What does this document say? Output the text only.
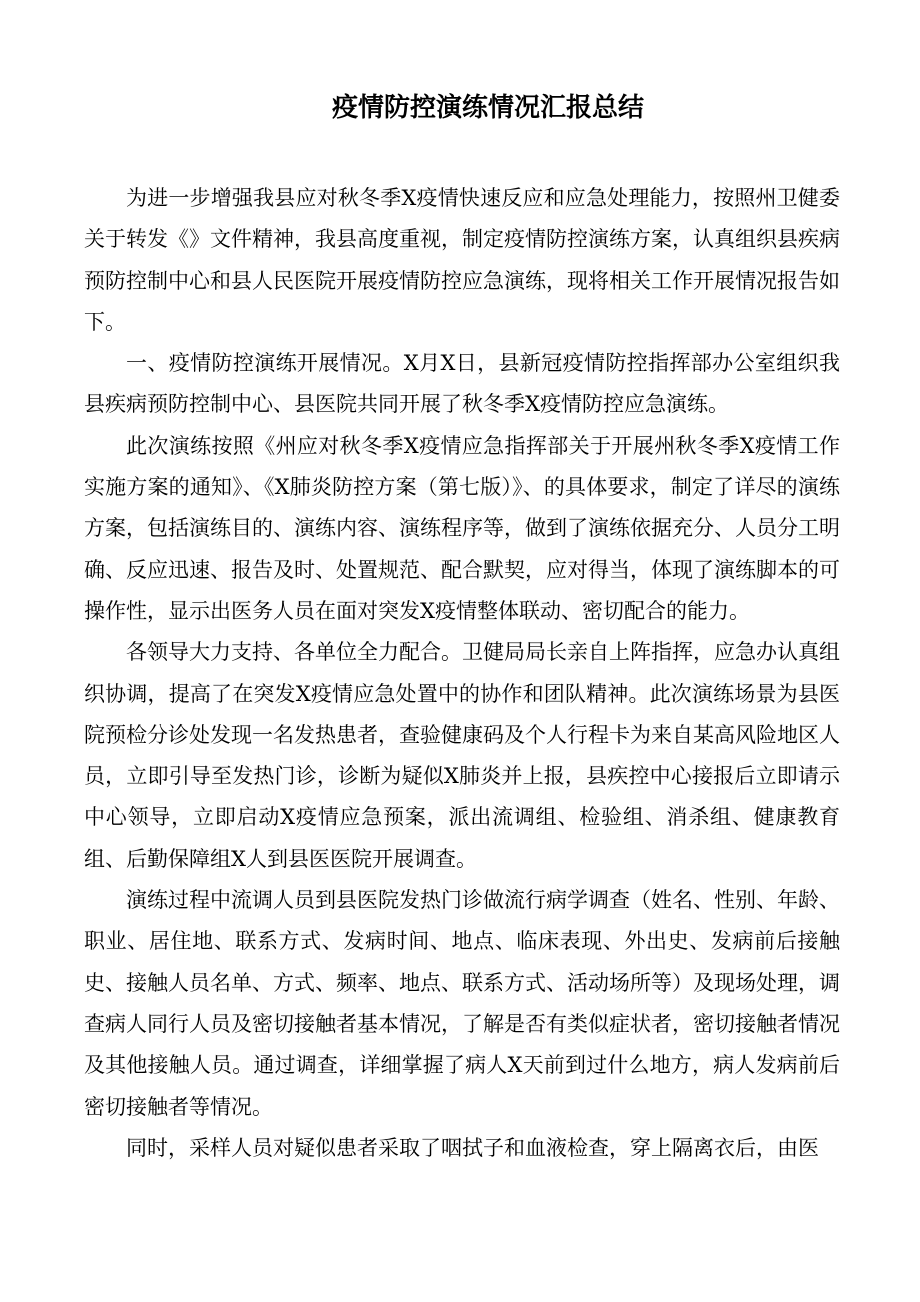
疫情防控演练情况汇报总结

为进一步增强我县应对秋冬季X疫情快速反应和应急处理能力，按照州卫健委关于转发《》文件精神，我县高度重视，制定疫情防控演练方案，认真组织县疾病预防控制中心和县人民医院开展疫情防控应急演练，现将相关工作开展情况报告如下。

一、疫情防控演练开展情况。X月X日，县新冠疫情防控指挥部办公室组织我县疾病预防控制中心、县医院共同开展了秋冬季X疫情防控应急演练。

此次演练按照《州应对秋冬季X疫情应急指挥部关于开展州秋冬季X疫情工作实施方案的通知》、《X肺炎防控方案（第七版）》、的具体要求，制定了详尽的演练方案，包括演练目的、演练内容、演练程序等，做到了演练依据充分、人员分工明确、反应迅速、报告及时、处置规范、配合默契，应对得当，体现了演练脚本的可操作性，显示出医务人员在面对突发X疫情整体联动、密切配合的能力。

各领导大力支持、各单位全力配合。卫健局局长亲自上阵指挥，应急办认真组织协调，提高了在突发X疫情应急处置中的协作和团队精神。此次演练场景为县医院预检分诊处发现一名发热患者，查验健康码及个人行程卡为来自某高风险地区人员，立即引导至发热门诊，诊断为疑似X肺炎并上报，县疾控中心接报后立即请示中心领导，立即启动X疫情应急预案，派出流调组、检验组、消杀组、健康教育组、后勤保障组X人到县医医院开展调查。

演练过程中流调人员到县医院发热门诊做流行病学调查（姓名、性别、年龄、职业、居住地、联系方式、发病时间、地点、临床表现、外出史、发病前后接触史、接触人员名单、方式、频率、地点、联系方式、活动场所等）及现场处理，调查病人同行人员及密切接触者基本情况，了解是否有类似症状者，密切接触者情况及其他接触人员。通过调查，详细掌握了病人X天前到过什么地方，病人发病前后密切接触者等情况。

同时，采样人员对疑似患者采取了咽拭子和血液检查，穿上隔离衣后，由医
